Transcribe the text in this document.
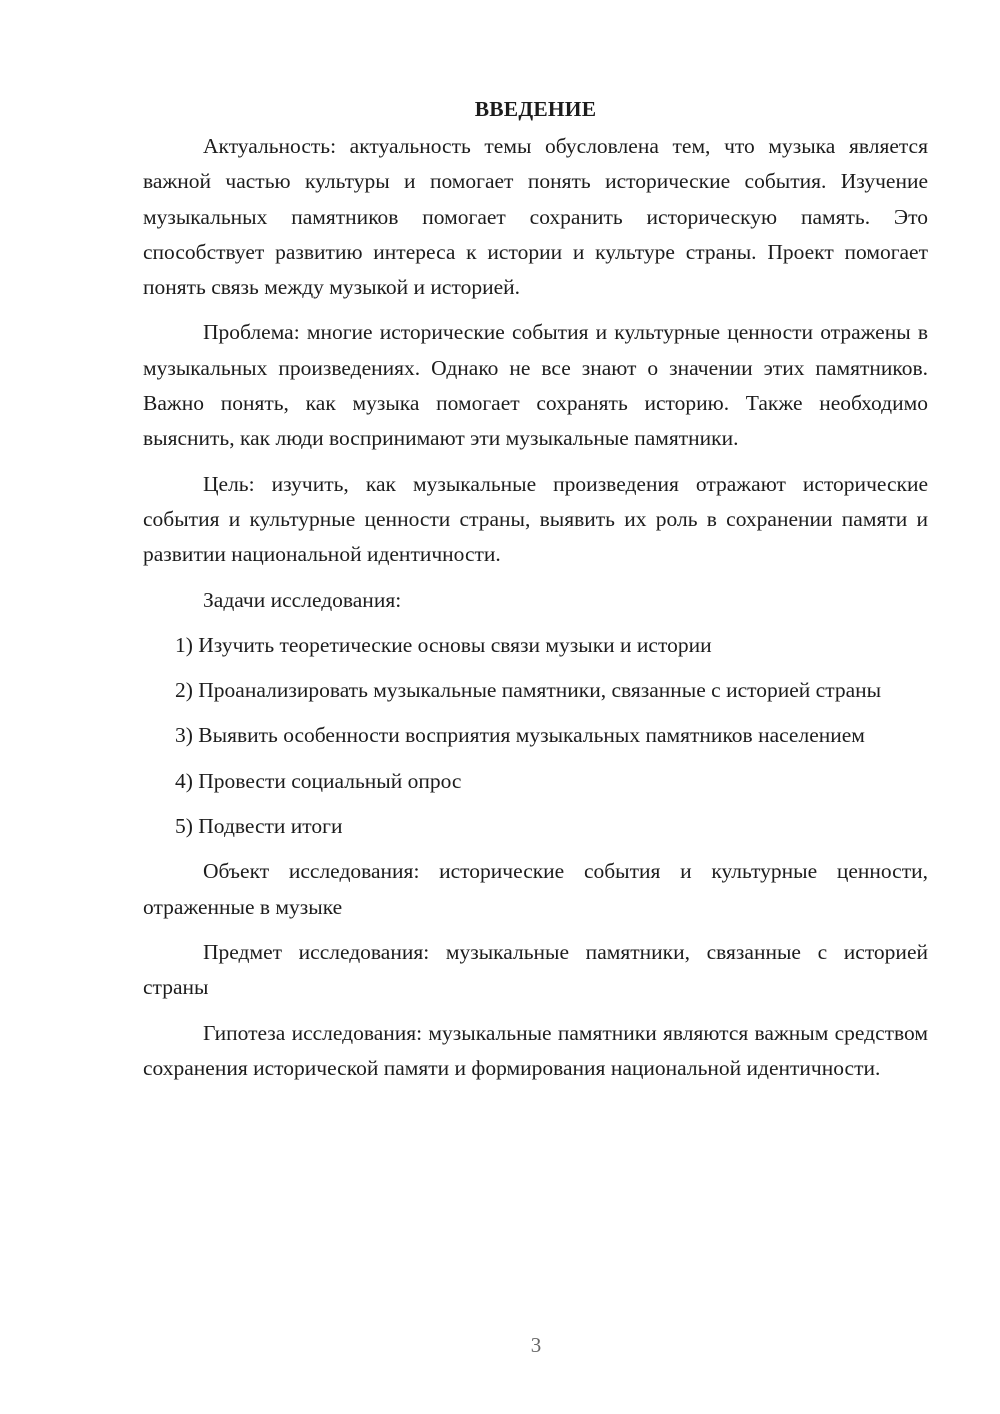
ВВЕДЕНИЕ

Актуальность: актуальность темы обусловлена тем, что музыка является важной частью культуры и помогает понять исторические события. Изучение музыкальных памятников помогает сохранить историческую память. Это способствует развитию интереса к истории и культуре страны. Проект помогает понять связь между музыкой и историей.

Проблема: многие исторические события и культурные ценности отражены в музыкальных произведениях. Однако не все знают о значении этих памятников. Важно понять, как музыка помогает сохранять историю. Также необходимо выяснить, как люди воспринимают эти музыкальные памятники.

Цель: изучить, как музыкальные произведения отражают исторические события и культурные ценности страны, выявить их роль в сохранении памяти и развитии национальной идентичности.

Задачи исследования:

1) Изучить теоретические основы связи музыки и истории

2) Проанализировать музыкальные памятники, связанные с историей страны

3) Выявить особенности восприятия музыкальных памятников населением

4) Провести социальный опрос

5) Подвести итоги

Объект исследования: исторические события и культурные ценности, отраженные в музыке

Предмет исследования: музыкальные памятники, связанные с историей страны

Гипотеза исследования: музыкальные памятники являются важным средством сохранения исторической памяти и формирования национальной идентичности.

3
